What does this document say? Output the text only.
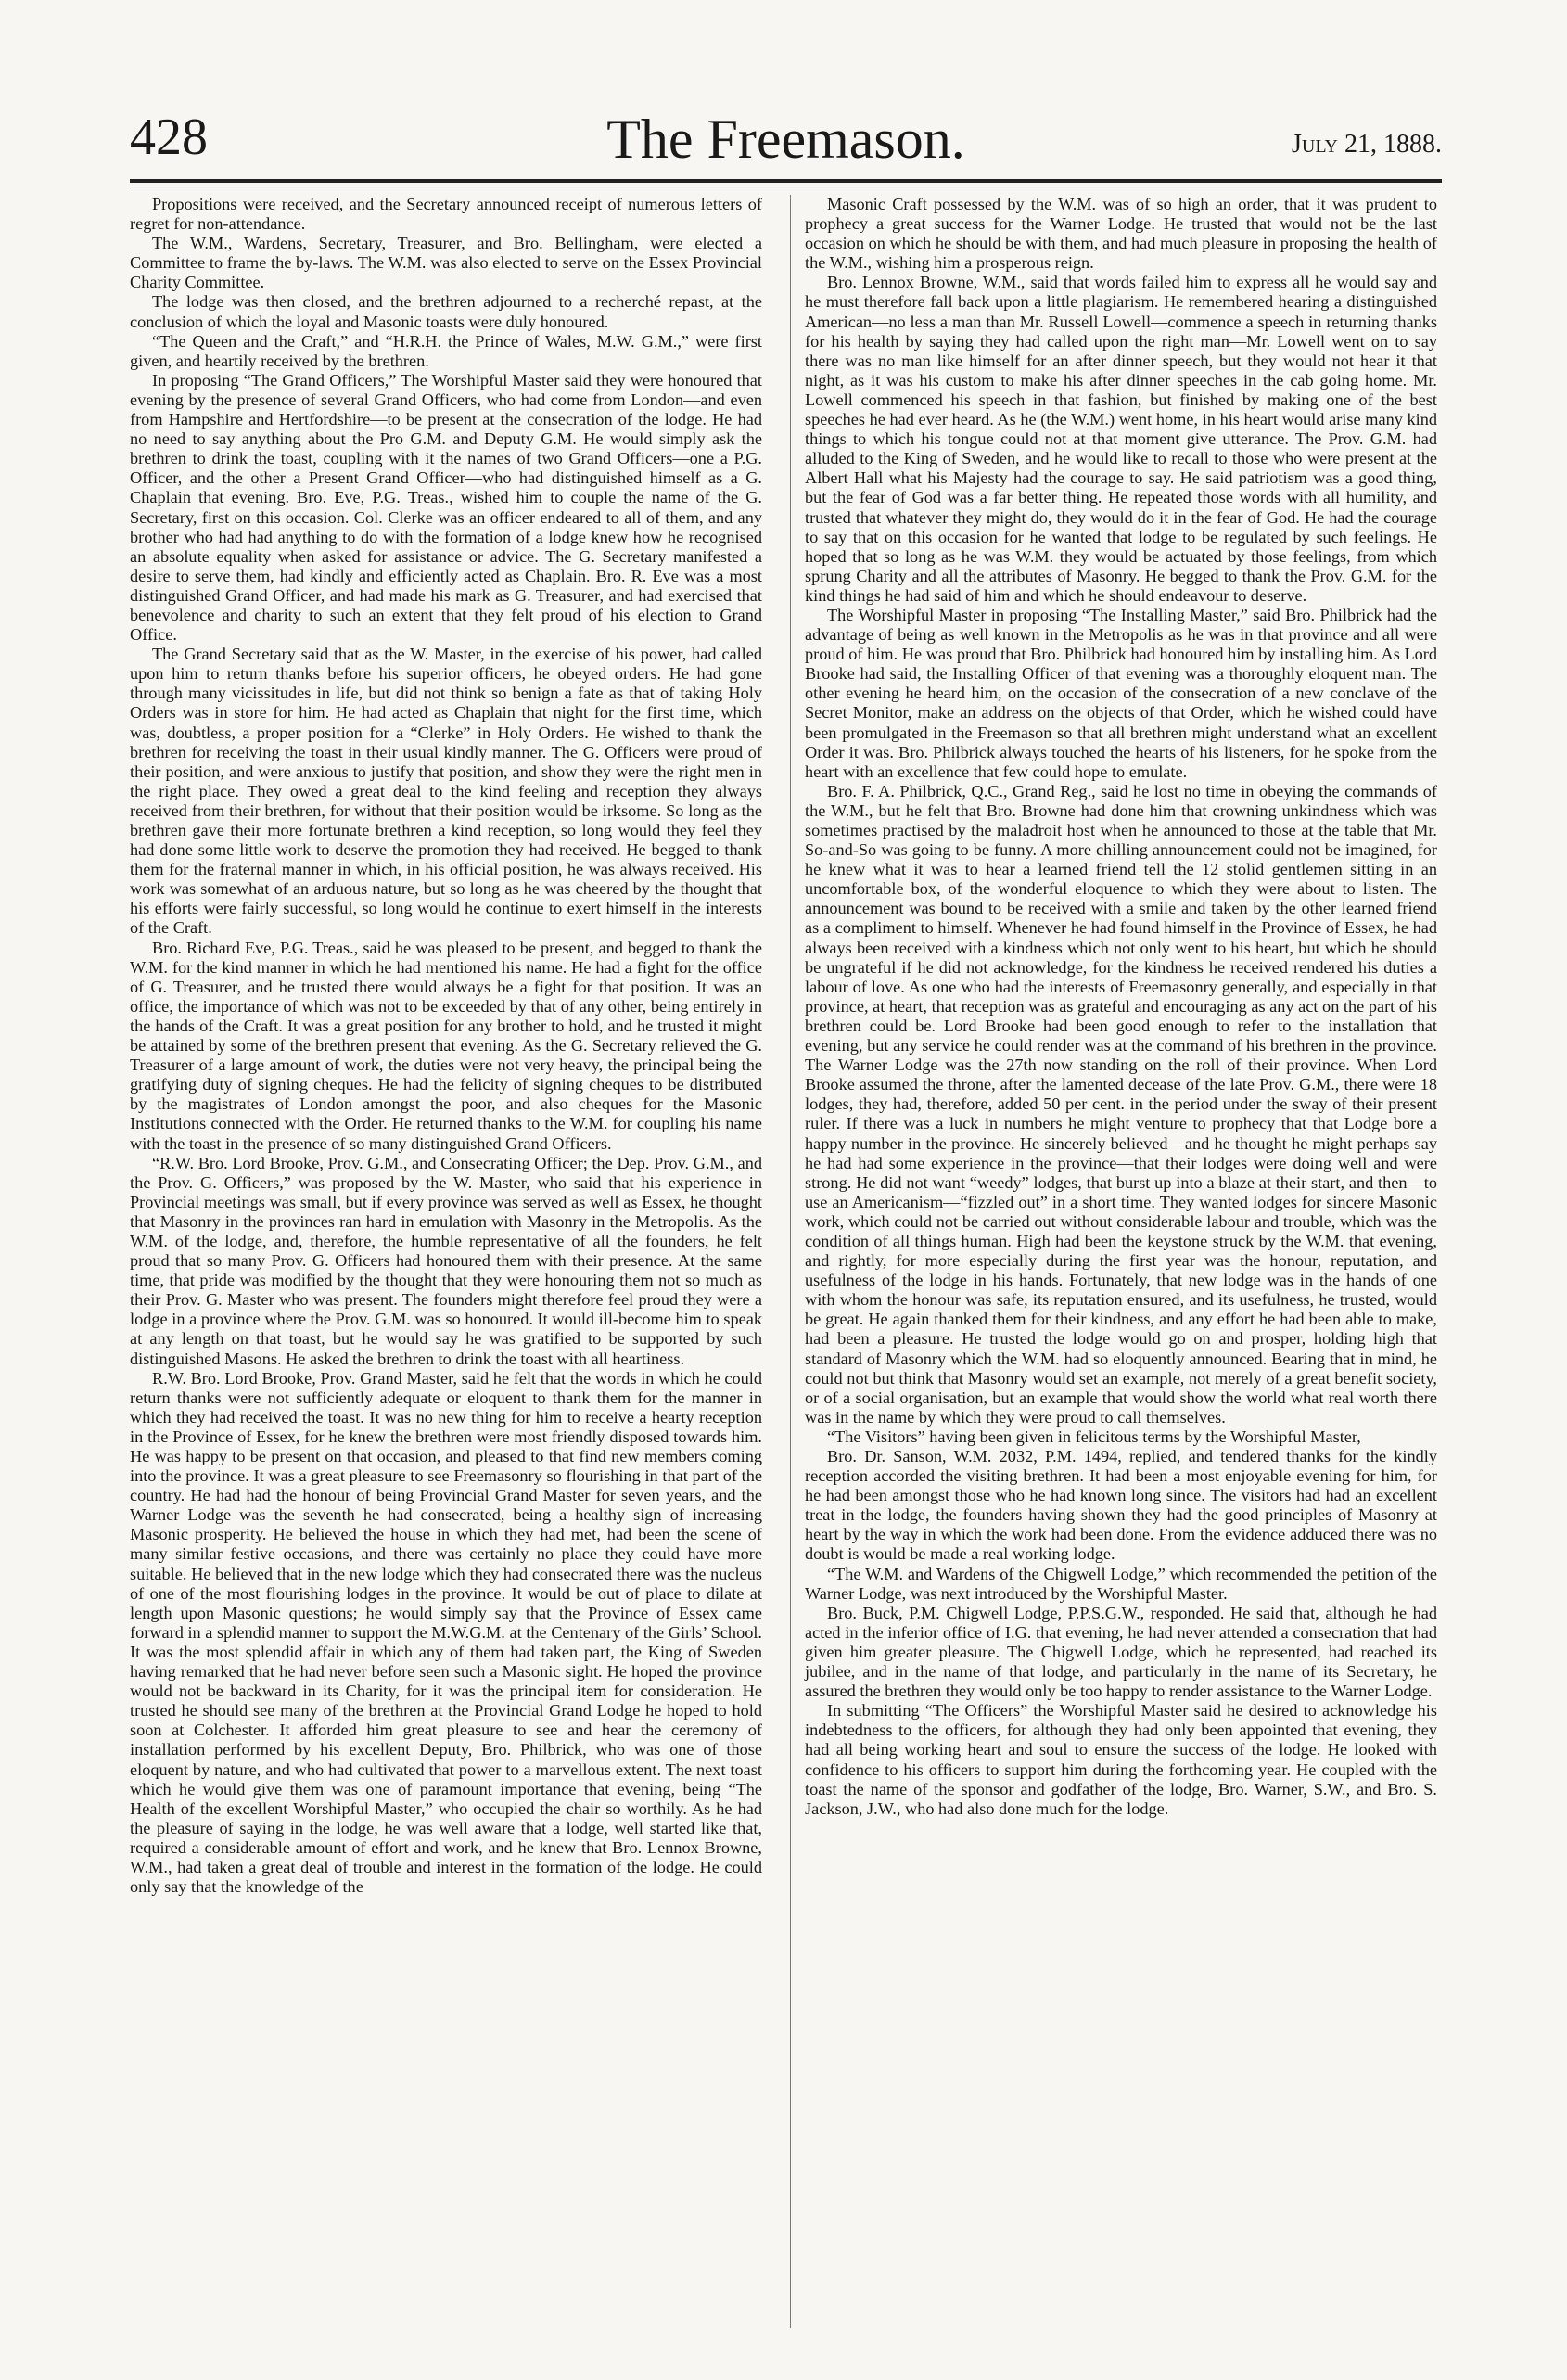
428	The Freemason.	July 21, 1888.

Propositions were received, and the Secretary announced receipt of numerous letters of regret for non-attendance.

The W.M., Wardens, Secretary, Treasurer, and Bro. Bellingham, were elected a Committee to frame the by-laws. The W.M. was also elected to serve on the Essex Provincial Charity Committee.

The lodge was then closed, and the brethren adjourned to a recherché repast, at the conclusion of which the loyal and Masonic toasts were duly honoured.

“The Queen and the Craft,” and “H.R.H. the Prince of Wales, M.W. G.M.,” were first given, and heartily received by the brethren.

In proposing “The Grand Officers,” The Worshipful Master said they were honoured that evening by the presence of several Grand Officers, who had come from London—and even from Hampshire and Hertfordshire—to be present at the consecration of the lodge. He had no need to say anything about the Pro G.M. and Deputy G.M. He would simply ask the brethren to drink the toast, coupling with it the names of two Grand Officers—one a P.G. Officer, and the other a Present Grand Officer—who had distinguished himself as a G. Chaplain that evening. Bro. Eve, P.G. Treas., wished him to couple the name of the G. Secretary, first on this occasion. Col. Clerke was an officer endeared to all of them, and any brother who had had anything to do with the formation of a lodge knew how he recognised an absolute equality when asked for assistance or advice. The G. Secretary manifested a desire to serve them, had kindly and efficiently acted as Chaplain. Bro. R. Eve was a most distinguished Grand Officer, and had made his mark as G. Treasurer, and had exercised that benevolence and charity to such an extent that they felt proud of his election to Grand Office.

The Grand Secretary said that as the W. Master, in the exercise of his power, had called upon him to return thanks before his superior officers, he obeyed orders. He had gone through many vicissitudes in life, but did not think so benign a fate as that of taking Holy Orders was in store for him. He had acted as Chaplain that night for the first time, which was, doubtless, a proper position for a “Clerke” in Holy Orders. He wished to thank the brethren for receiving the toast in their usual kindly manner. The G. Officers were proud of their position, and were anxious to justify that position, and show they were the right men in the right place. They owed a great deal to the kind feeling and reception they always received from their brethren, for without that their position would be irksome. So long as the brethren gave their more fortunate brethren a kind reception, so long would they feel they had done some little work to deserve the promotion they had received. He begged to thank them for the fraternal manner in which, in his official position, he was always received. His work was somewhat of an arduous nature, but so long as he was cheered by the thought that his efforts were fairly successful, so long would he continue to exert himself in the interests of the Craft.

Bro. Richard Eve, P.G. Treas., said he was pleased to be present, and begged to thank the W.M. for the kind manner in which he had mentioned his name. He had a fight for the office of G. Treasurer, and he trusted there would always be a fight for that position. It was an office, the importance of which was not to be exceeded by that of any other, being entirely in the hands of the Craft. It was a great position for any brother to hold, and he trusted it might be attained by some of the brethren present that evening. As the G. Secretary relieved the G. Treasurer of a large amount of work, the duties were not very heavy, the principal being the gratifying duty of signing cheques. He had the felicity of signing cheques to be distributed by the magistrates of London amongst the poor, and also cheques for the Masonic Institutions connected with the Order. He returned thanks to the W.M. for coupling his name with the toast in the presence of so many distinguished Grand Officers.

“R.W. Bro. Lord Brooke, Prov. G.M., and Consecrating Officer; the Dep. Prov. G.M., and the Prov. G. Officers,” was proposed by the W. Master, who said that his experience in Provincial meetings was small, but if every province was served as well as Essex, he thought that Masonry in the provinces ran hard in emulation with Masonry in the Metropolis. As the W.M. of the lodge, and, therefore, the humble representative of all the founders, he felt proud that so many Prov. G. Officers had honoured them with their presence. At the same time, that pride was modified by the thought that they were honouring them not so much as their Prov. G. Master who was present. The founders might therefore feel proud they were a lodge in a province where the Prov. G.M. was so honoured. It would ill-become him to speak at any length on that toast, but he would say he was gratified to be supported by such distinguished Masons. He asked the brethren to drink the toast with all heartiness.

R.W. Bro. Lord Brooke, Prov. Grand Master, said he felt that the words in which he could return thanks were not sufficiently adequate or eloquent to thank them for the manner in which they had received the toast. It was no new thing for him to receive a hearty reception in the Province of Essex, for he knew the brethren were most friendly disposed towards him. He was happy to be present on that occasion, and pleased to that find new members coming into the province. It was a great pleasure to see Freemasonry so flourishing in that part of the country. He had had the honour of being Provincial Grand Master for seven years, and the Warner Lodge was the seventh he had consecrated, being a healthy sign of increasing Masonic prosperity. He believed the house in which they had met, had been the scene of many similar festive occasions, and there was certainly no place they could have more suitable. He believed that in the new lodge which they had consecrated there was the nucleus of one of the most flourishing lodges in the province. It would be out of place to dilate at length upon Masonic questions; he would simply say that the Province of Essex came forward in a splendid manner to support the M.W.G.M. at the Centenary of the Girls’ School. It was the most splendid affair in which any of them had taken part, the King of Sweden having remarked that he had never before seen such a Masonic sight. He hoped the province would not be backward in its Charity, for it was the principal item for consideration. He trusted he should see many of the brethren at the Provincial Grand Lodge he hoped to hold soon at Colchester. It afforded him great pleasure to see and hear the ceremony of installation performed by his excellent Deputy, Bro. Philbrick, who was one of those eloquent by nature, and who had cultivated that power to a marvellous extent. The next toast which he would give them was one of paramount importance that evening, being “The Health of the excellent Worshipful Master,” who occupied the chair so worthily. As he had the pleasure of saying in the lodge, he was well aware that a lodge, well started like that, required a considerable amount of effort and work, and he knew that Bro. Lennox Browne, W.M., had taken a great deal of trouble and interest in the formation of the lodge. He could only say that the knowledge of the

Masonic Craft possessed by the W.M. was of so high an order, that it was prudent to prophecy a great success for the Warner Lodge. He trusted that would not be the last occasion on which he should be with them, and had much pleasure in proposing the health of the W.M., wishing him a prosperous reign.

Bro. Lennox Browne, W.M., said that words failed him to express all he would say and he must therefore fall back upon a little plagiarism. He remembered hearing a distinguished American—no less a man than Mr. Russell Lowell—commence a speech in returning thanks for his health by saying they had called upon the right man—Mr. Lowell went on to say there was no man like himself for an after dinner speech, but they would not hear it that night, as it was his custom to make his after dinner speeches in the cab going home. Mr. Lowell commenced his speech in that fashion, but finished by making one of the best speeches he had ever heard. As he (the W.M.) went home, in his heart would arise many kind things to which his tongue could not at that moment give utterance. The Prov. G.M. had alluded to the King of Sweden, and he would like to recall to those who were present at the Albert Hall what his Majesty had the courage to say. He said patriotism was a good thing, but the fear of God was a far better thing. He repeated those words with all humility, and trusted that whatever they might do, they would do it in the fear of God. He had the courage to say that on this occasion for he wanted that lodge to be regulated by such feelings. He hoped that so long as he was W.M. they would be actuated by those feelings, from which sprung Charity and all the attributes of Masonry. He begged to thank the Prov. G.M. for the kind things he had said of him and which he should endeavour to deserve.

The Worshipful Master in proposing “The Installing Master,” said Bro. Philbrick had the advantage of being as well known in the Metropolis as he was in that province and all were proud of him. He was proud that Bro. Philbrick had honoured him by installing him. As Lord Brooke had said, the Installing Officer of that evening was a thoroughly eloquent man. The other evening he heard him, on the occasion of the consecration of a new conclave of the Secret Monitor, make an address on the objects of that Order, which he wished could have been promulgated in the Freemason so that all brethren might understand what an excellent Order it was. Bro. Philbrick always touched the hearts of his listeners, for he spoke from the heart with an excellence that few could hope to emulate.

Bro. F. A. Philbrick, Q.C., Grand Reg., said he lost no time in obeying the commands of the W.M., but he felt that Bro. Browne had done him that crowning unkindness which was sometimes practised by the maladroit host when he announced to those at the table that Mr. So-and-So was going to be funny. A more chilling announcement could not be imagined, for he knew what it was to hear a learned friend tell the 12 stolid gentlemen sitting in an uncomfortable box, of the wonderful eloquence to which they were about to listen. The announcement was bound to be received with a smile and taken by the other learned friend as a compliment to himself. Whenever he had found himself in the Province of Essex, he had always been received with a kindness which not only went to his heart, but which he should be ungrateful if he did not acknowledge, for the kindness he received rendered his duties a labour of love. As one who had the interests of Freemasonry generally, and especially in that province, at heart, that reception was as grateful and encouraging as any act on the part of his brethren could be. Lord Brooke had been good enough to refer to the installation that evening, but any service he could render was at the command of his brethren in the province. The Warner Lodge was the 27th now standing on the roll of their province. When Lord Brooke assumed the throne, after the lamented decease of the late Prov. G.M., there were 18 lodges, they had, therefore, added 50 per cent. in the period under the sway of their present ruler. If there was a luck in numbers he might venture to prophecy that that Lodge bore a happy number in the province. He sincerely believed—and he thought he might perhaps say he had had some experience in the province—that their lodges were doing well and were strong. He did not want “weedy” lodges, that burst up into a blaze at their start, and then—to use an Americanism—“fizzled out” in a short time. They wanted lodges for sincere Masonic work, which could not be carried out without considerable labour and trouble, which was the condition of all things human. High had been the keystone struck by the W.M. that evening, and rightly, for more especially during the first year was the honour, reputation, and usefulness of the lodge in his hands. Fortunately, that new lodge was in the hands of one with whom the honour was safe, its reputation ensured, and its usefulness, he trusted, would be great. He again thanked them for their kindness, and any effort he had been able to make, had been a pleasure. He trusted the lodge would go on and prosper, holding high that standard of Masonry which the W.M. had so eloquently announced. Bearing that in mind, he could not but think that Masonry would set an example, not merely of a great benefit society, or of a social organisation, but an example that would show the world what real worth there was in the name by which they were proud to call themselves.

“The Visitors” having been given in felicitous terms by the Worshipful Master,

Bro. Dr. Sanson, W.M. 2032, P.M. 1494, replied, and tendered thanks for the kindly reception accorded the visiting brethren. It had been a most enjoyable evening for him, for he had been amongst those who he had known long since. The visitors had had an excellent treat in the lodge, the founders having shown they had the good principles of Masonry at heart by the way in which the work had been done. From the evidence adduced there was no doubt is would be made a real working lodge.

“The W.M. and Wardens of the Chigwell Lodge,” which recommended the petition of the Warner Lodge, was next introduced by the Worshipful Master.

Bro. Buck, P.M. Chigwell Lodge, P.P.S.G.W., responded. He said that, although he had acted in the inferior office of I.G. that evening, he had never attended a consecration that had given him greater pleasure. The Chigwell Lodge, which he represented, had reached its jubilee, and in the name of that lodge, and particularly in the name of its Secretary, he assured the brethren they would only be too happy to render assistance to the Warner Lodge.

In submitting “The Officers” the Worshipful Master said he desired to acknowledge his indebtedness to the officers, for although they had only been appointed that evening, they had all being working heart and soul to ensure the success of the lodge. He looked with confidence to his officers to support him during the forthcoming year. He coupled with the toast the name of the sponsor and godfather of the lodge, Bro. Warner, S.W., and Bro. S. Jackson, J.W., who had also done much for the lodge.
